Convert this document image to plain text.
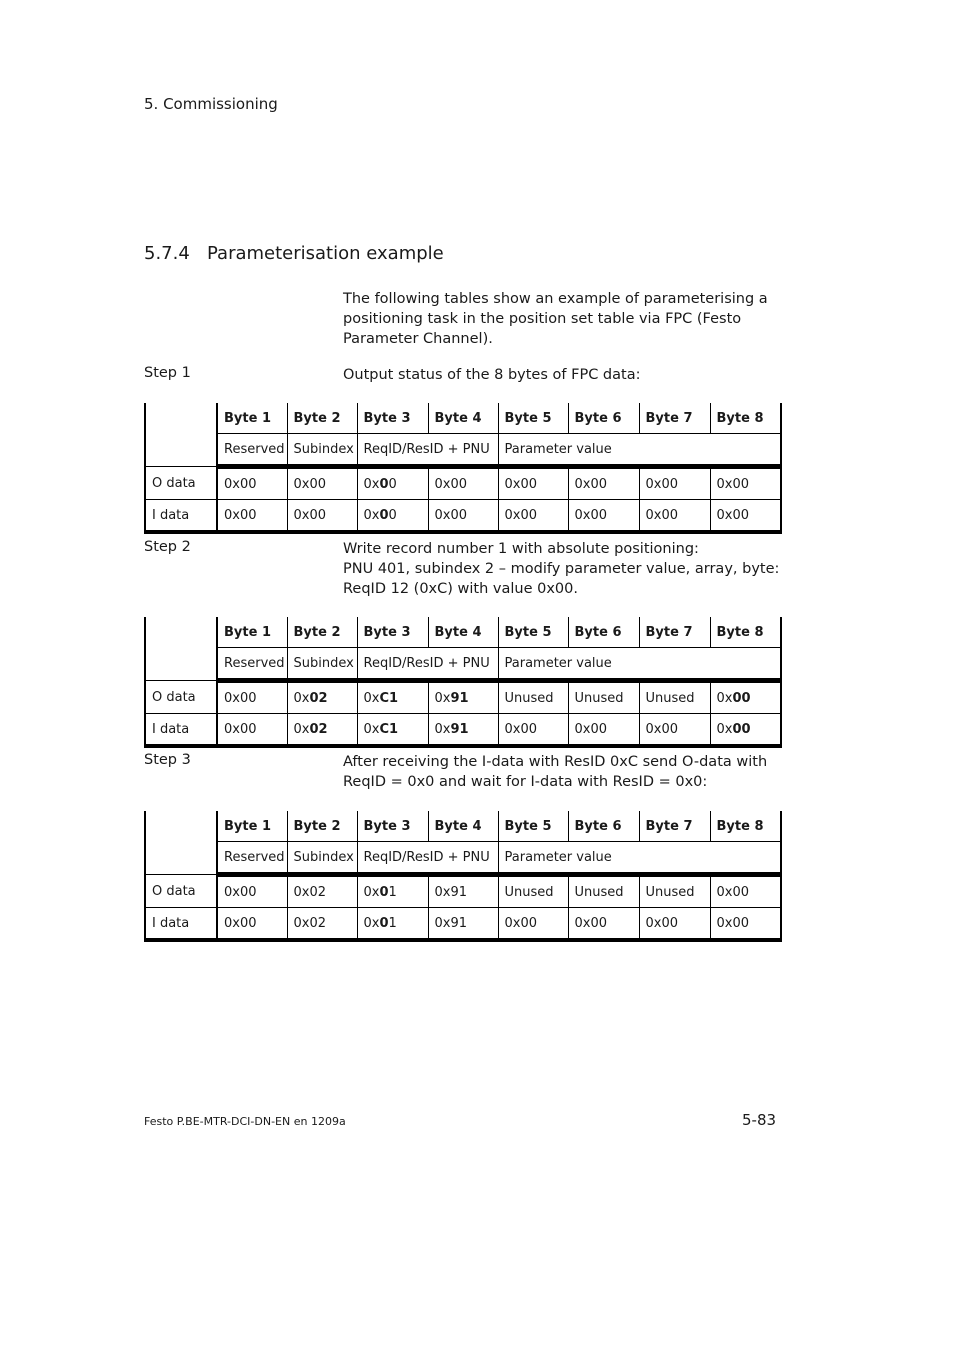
5. Commissioning
5.7.4 Parameterisation example
The following tables show an example of parameterising a positioning task in the position set table via FPC (Festo Parameter Channel).
Step 1	Output status of the 8 bytes of FPC data:
	Byte 1	Byte 2	Byte 3	Byte 4	Byte 5	Byte 6	Byte 7	Byte 8
	Reserved	Subindex	ReqID/ResID + PNU		Parameter value			
O data	0x00	0x00	0x00	0x00	0x00	0x00	0x00	0x00
I data	0x00	0x00	0x00	0x00	0x00	0x00	0x00	0x00
Step 2	Write record number 1 with absolute positioning:
PNU 401, subindex 2 – modify parameter value, array, byte:
ReqID 12 (0xC) with value 0x00.
	Byte 1	Byte 2	Byte 3	Byte 4	Byte 5	Byte 6	Byte 7	Byte 8
	Reserved	Subindex	ReqID/ResID + PNU		Parameter value			
O data	0x00	0x02	0xC1	0x91	Unused	Unused	Unused	0x00
I data	0x00	0x02	0xC1	0x91	0x00	0x00	0x00	0x00
Step 3	After receiving the I-data with ResID 0xC send O-data with
ReqID = 0x0 and wait for I-data with ResID = 0x0:
	Byte 1	Byte 2	Byte 3	Byte 4	Byte 5	Byte 6	Byte 7	Byte 8
	Reserved	Subindex	ReqID/ResID + PNU		Parameter value			
O data	0x00	0x02	0x01	0x91	Unused	Unused	Unused	0x00
I data	0x00	0x02	0x01	0x91	0x00	0x00	0x00	0x00
Festo P.BE-MTR-DCI-DN-EN en 1209a	5-83
